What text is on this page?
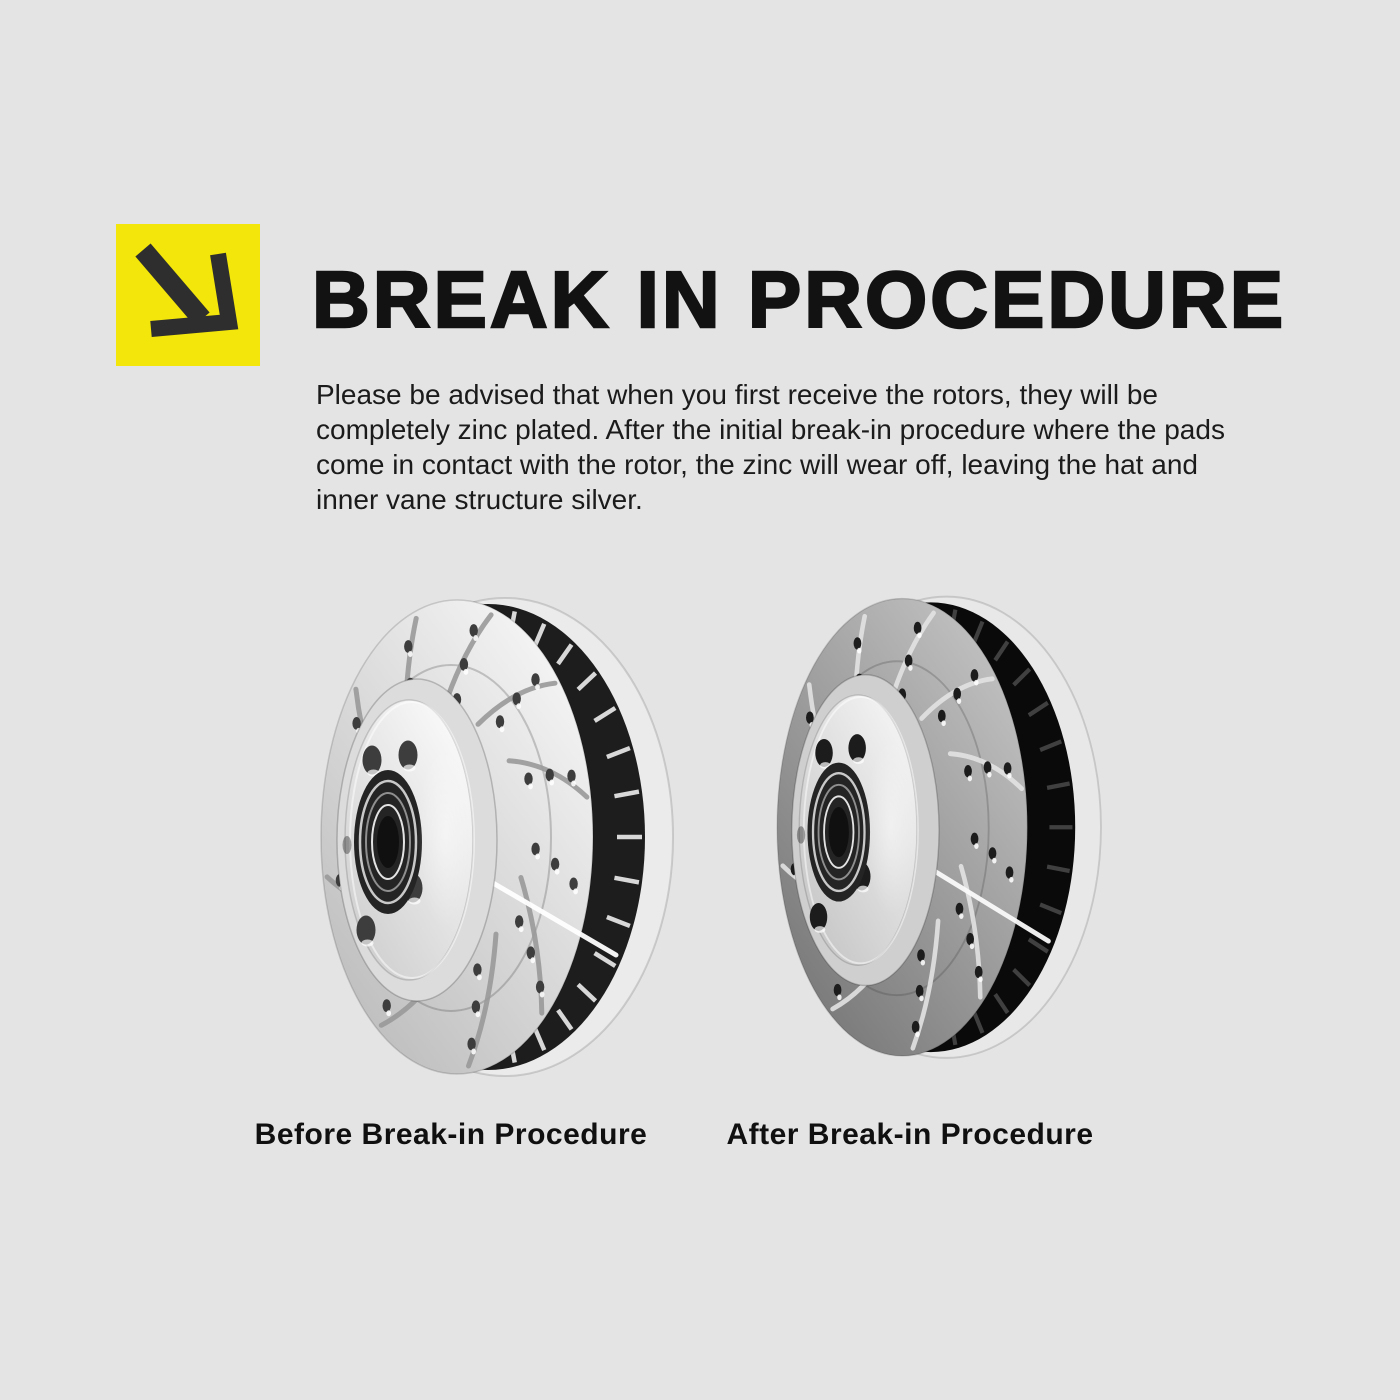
BREAK IN PROCEDURE
Please be advised that when you first receive the rotors, they will be
completely zinc plated. After the initial break-in procedure where the pads
come in contact with the rotor, the zinc will wear off, leaving the hat and
inner vane structure silver.
Before Break-in Procedure	After Break-in Procedure
